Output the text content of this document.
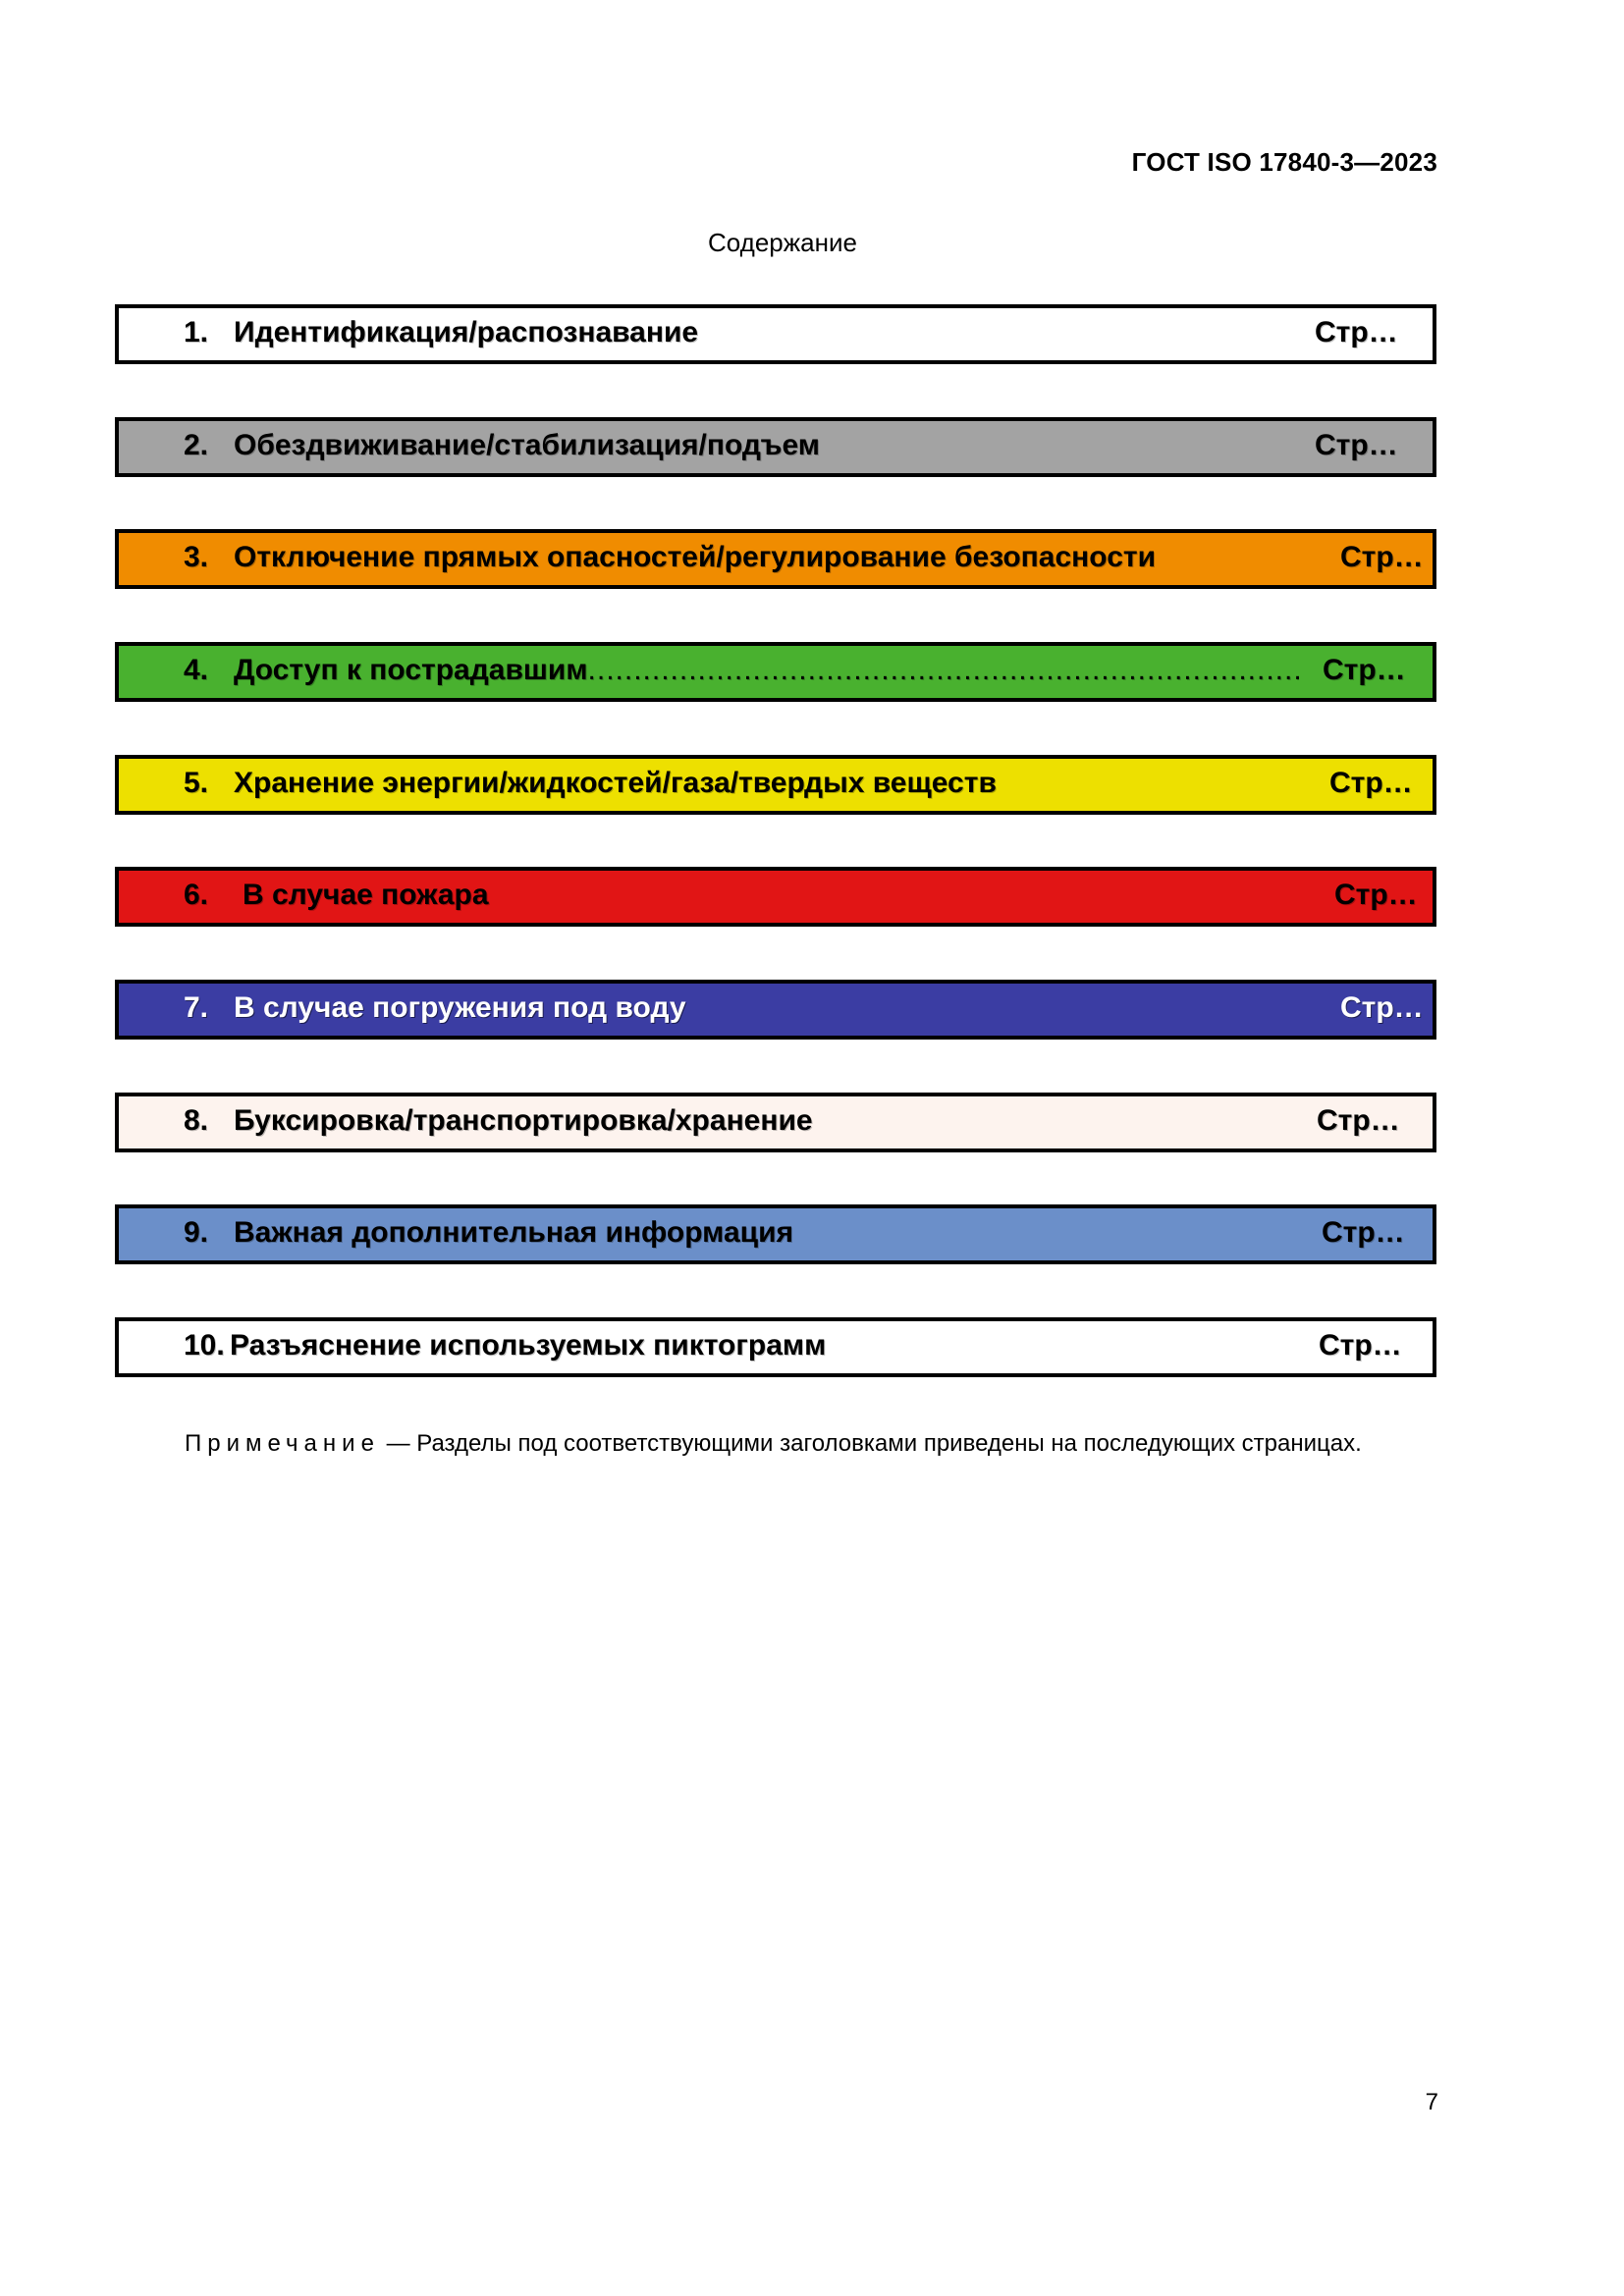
ГОСТ ISO 17840-3—2023
Содержание
1. Идентификация/распознавание	Стр…
2. Обездвиживание/стабилизация/подъем	Стр…
3. Отключение прямых опасностей/регулирование безопасности	Стр…
4. Доступ к пострадавшим .....	Стр…
5. Хранение энергии/жидкостей/газа/твердых веществ	Стр…
6. В случае пожара	Стр…
7. В случае погружения под воду	Стр…
8. Буксировка/транспортировка/хранение	Стр…
9. Важная дополнительная информация	Стр…
10. Разъяснение используемых пиктограмм	Стр…
Примечание — Разделы под соответствующими заголовками приведены на последующих страницах.
7
